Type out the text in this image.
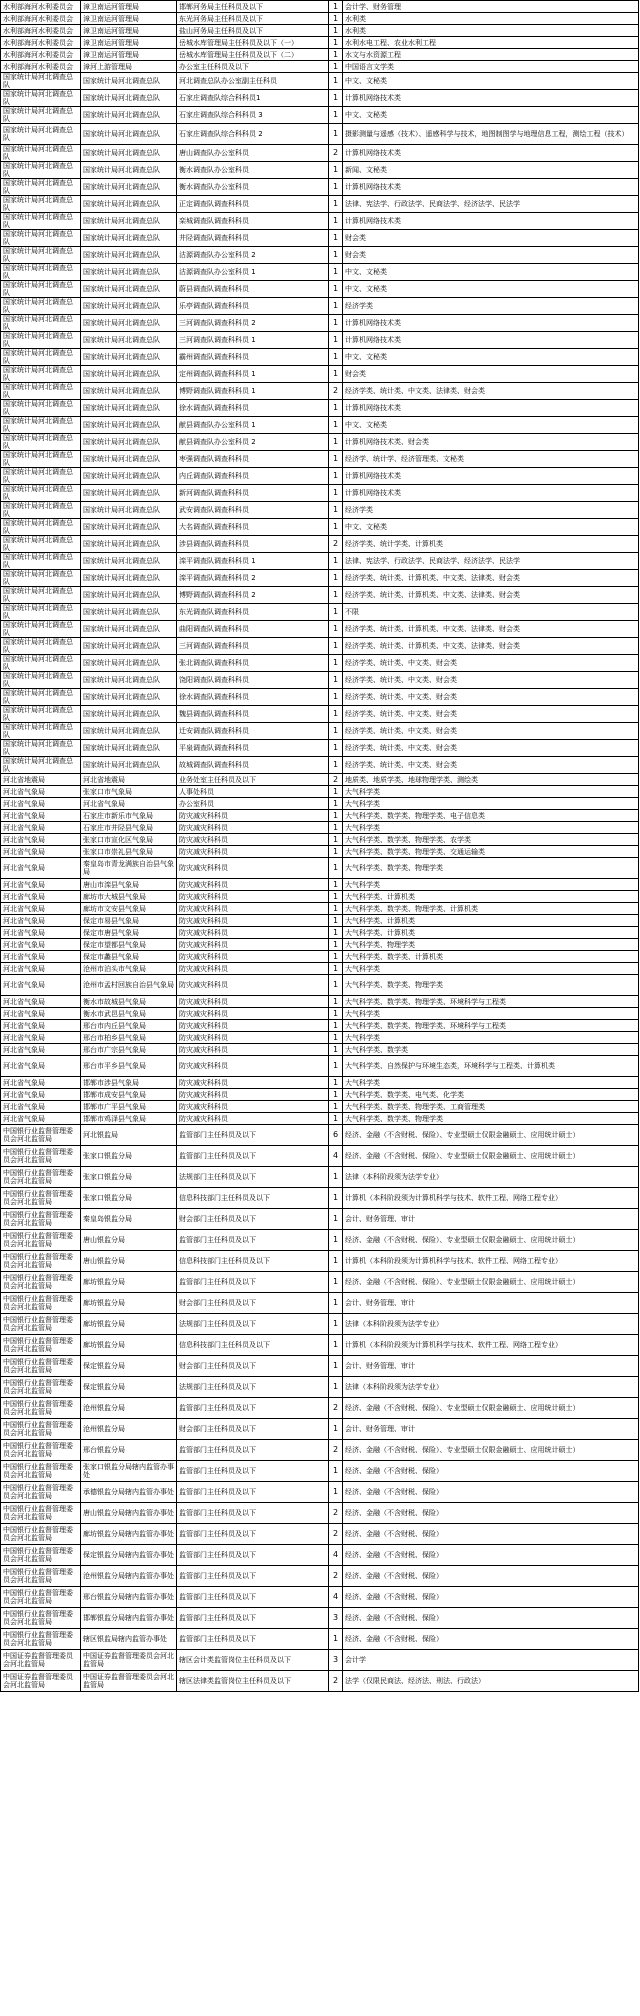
水利部海河水利委员会	漳卫南运河管理局	邯郸河务局主任科员及以下	1	会计学、财务管理
水利部海河水利委员会	漳卫南运河管理局	东光河务局主任科员及以下	1	水利类
水利部海河水利委员会	漳卫南运河管理局	盐山河务局主任科员及以下	1	水利类
水利部海河水利委员会	漳卫南运河管理局	岳城水库管理局主任科员及以下（一）	1	水利水电工程、农业水利工程
水利部海河水利委员会	漳卫南运河管理局	岳城水库管理局主任科员及以下（二）	1	水文与水资源工程
水利部海河水利委员会	漳河上游管理局	办公室主任科员及以下	1	中国语言文学类
国家统计局河北调查总队	国家统计局河北调查总队	河北调查总队办公室副主任科员	1	中文、文秘类
国家统计局河北调查总队	国家统计局河北调查总队	石家庄调查队综合科科员1	1	计算机网络技术类
国家统计局河北调查总队	国家统计局河北调查总队	石家庄调查队综合科科员 3	1	中文、文秘类
国家统计局河北调查总队	国家统计局河北调查总队	石家庄调查队综合科科员 2	1	摄影测量与遥感（技术）、遥感科学与技术，地图制图学与地理信息工程，测绘工程（技术）
国家统计局河北调查总队	国家统计局河北调查总队	唐山调查队办公室科员	2	计算机网络技术类
国家统计局河北调查总队	国家统计局河北调查总队	衡水调查队办公室科员	1	新闻、文秘类
国家统计局河北调查总队	国家统计局河北调查总队	衡水调查队办公室科员	1	计算机网络技术类
国家统计局河北调查总队	国家统计局河北调查总队	正定调查队调查科科员	1	法律、宪法学、行政法学、民商法学、经济法学、民法学
国家统计局河北调查总队	国家统计局河北调查总队	栾城调查队调查科科员	1	计算机网络技术类
国家统计局河北调查总队	国家统计局河北调查总队	井陉调查队调查科科员	1	财会类
国家统计局河北调查总队	国家统计局河北调查总队	沽源调查队办公室科员 2	1	财会类
国家统计局河北调查总队	国家统计局河北调查总队	沽源调查队办公室科员 1	1	中文、文秘类
国家统计局河北调查总队	国家统计局河北调查总队	蔚县调查队调查科科员	1	中文、文秘类
国家统计局河北调查总队	国家统计局河北调查总队	乐亭调查队调查科科员	1	经济学类
国家统计局河北调查总队	国家统计局河北调查总队	三河调查队调查科科员 2	1	计算机网络技术类
国家统计局河北调查总队	国家统计局河北调查总队	三河调查队调查科科员 1	1	计算机网络技术类
国家统计局河北调查总队	国家统计局河北调查总队	霸州调查队调查科科员	1	中文、文秘类
国家统计局河北调查总队	国家统计局河北调查总队	定州调查队调查科科员 1	1	财会类
国家统计局河北调查总队	国家统计局河北调查总队	博野调查队调查科科员 1	2	经济学类、统计类、中文类、法律类、财会类
国家统计局河北调查总队	国家统计局河北调查总队	徐水调查队调查科科员	1	计算机网络技术类
国家统计局河北调查总队	国家统计局河北调查总队	献县调查队办公室科员 1	1	中文、文秘类
国家统计局河北调查总队	国家统计局河北调查总队	献县调查队办公室科员 2	1	计算机网络技术类、财会类
国家统计局河北调查总队	国家统计局河北调查总队	枣强调查队调查科科员	1	经济学、统计学、经济管理类、文秘类
国家统计局河北调查总队	国家统计局河北调查总队	内丘调查队调查科科员	1	计算机网络技术类
国家统计局河北调查总队	国家统计局河北调查总队	新河调查队调查科科员	1	计算机网络技术类
国家统计局河北调查总队	国家统计局河北调查总队	武安调查队调查科科员	1	经济学类
国家统计局河北调查总队	国家统计局河北调查总队	大名调查队调查科科员	1	中文、文秘类
国家统计局河北调查总队	国家统计局河北调查总队	涉县调查队调查科科员	2	经济学类、统计学类、计算机类
国家统计局河北调查总队	国家统计局河北调查总队	滦平调查队调查科科员 1	1	法律、宪法学、行政法学、民商法学、经济法学、民法学
国家统计局河北调查总队	国家统计局河北调查总队	滦平调查队调查科科员 2	1	经济学类、统计类、计算机类、中文类、法律类、财会类
国家统计局河北调查总队	国家统计局河北调查总队	博野调查队调查科科员 2	1	经济学类、统计类、计算机类、中文类、法律类、财会类
国家统计局河北调查总队	国家统计局河北调查总队	东光调查队调查科科员	1	不限
国家统计局河北调查总队	国家统计局河北调查总队	曲阳调查队调查科科员	1	经济学类、统计类、计算机类、中文类、法律类、财会类
国家统计局河北调查总队	国家统计局河北调查总队	三河调查队调查科科员	1	经济学类、统计类、计算机类、中文类、法律类、财会类
国家统计局河北调查总队	国家统计局河北调查总队	张北调查队调查科科员	1	经济学类、统计类、中文类、财会类
国家统计局河北调查总队	国家统计局河北调查总队	饶阳调查队调查科科员	1	经济学类、统计类、中文类、财会类
国家统计局河北调查总队	国家统计局河北调查总队	徐水调查队调查科科员	1	经济学类、统计类、中文类、财会类
国家统计局河北调查总队	国家统计局河北调查总队	魏县调查队调查科科员	1	经济学类、统计类、中文类、财会类
国家统计局河北调查总队	国家统计局河北调查总队	迁安调查队调查科科员	1	经济学类、统计类、中文类、财会类
国家统计局河北调查总队	国家统计局河北调查总队	平泉调查队调查科科员	1	经济学类、统计类、中文类、财会类
国家统计局河北调查总队	国家统计局河北调查总队	故城调查队调查科科员	1	经济学类、统计类、中文类、财会类
河北省地震局	河北省地震局	业务处室主任科员及以下	2	地质类、地质学类、地球物理学类、测绘类
河北省气象局	张家口市气象局	人事处科员	1	大气科学类
河北省气象局	河北省气象局	办公室科员	1	大气科学类
河北省气象局	石家庄市新乐市气象局	防灾减灾科科员	1	大气科学类、数学类、物理学类、电子信息类
河北省气象局	石家庄市井陉县气象局	防灾减灾科科员	1	大气科学类
河北省气象局	张家口市宣化区气象局	防灾减灾科科员	1	大气科学类、数学类、物理学类、农学类
河北省气象局	张家口市崇礼县气象局	防灾减灾科科员	1	大气科学类、数学类、物理学类、交通运输类
河北省气象局	秦皇岛市青龙满族自治县气象局	防灾减灾科科员	1	大气科学类、数学类、物理学类
河北省气象局	唐山市滦县气象局	防灾减灾科科员	1	大气科学类
河北省气象局	廊坊市大城县气象局	防灾减灾科科员	1	大气科学类、计算机类
河北省气象局	廊坊市文安县气象局	防灾减灾科科员	1	大气科学类、数学类、物理学类、计算机类
河北省气象局	保定市易县气象局	防灾减灾科科员	1	大气科学类、计算机类
河北省气象局	保定市唐县气象局	防灾减灾科科员	1	大气科学类、计算机类
河北省气象局	保定市望都县气象局	防灾减灾科科员	1	大气科学类、物理学类
河北省气象局	保定市蠡县气象局	防灾减灾科科员	1	大气科学类、数学类、计算机类
河北省气象局	沧州市泊头市气象局	防灾减灾科科员	1	大气科学类
河北省气象局	沧州市孟村回族自治县气象局	防灾减灾科科员	1	大气科学类、数学类、物理学类
河北省气象局	衡水市故城县气象局	防灾减灾科科员	1	大气科学类、数学类、物理学类、环境科学与工程类
河北省气象局	衡水市武邑县气象局	防灾减灾科科员	1	大气科学类
河北省气象局	邢台市内丘县气象局	防灾减灾科科员	1	大气科学类、数学类、物理学类、环境科学与工程类
河北省气象局	邢台市柏乡县气象局	防灾减灾科科员	1	大气科学类
河北省气象局	邢台市广宗县气象局	防灾减灾科科员	1	大气科学类、数学类
河北省气象局	邢台市平乡县气象局	防灾减灾科科员	1	大气科学类、自然保护与环境生态类，环境科学与工程类、计算机类
河北省气象局	邯郸市涉县气象局	防灾减灾科科员	1	大气科学类
河北省气象局	邯郸市成安县气象局	防灾减灾科科员	1	大气科学类、数学类、电气类、化学类
河北省气象局	邯郸市广平县气象局	防灾减灾科科员	1	大气科学类、数学类、物理学类、工商管理类
河北省气象局	邯郸市鸡泽县气象局	防灾减灾科科员	1	大气科学类、数学类、物理学类
中国银行业监督管理委员会河北监管局	河北银监局	监管部门主任科员及以下	6	经济、金融（不含财税、保险）、专业型硕士仅限金融硕士、应用统计硕士）
中国银行业监督管理委员会河北监管局	张家口银监分局	监管部门主任科员及以下	4	经济、金融（不含财税、保险）、专业型硕士仅限金融硕士、应用统计硕士）
中国银行业监督管理委员会河北监管局	张家口银监分局	法规部门主任科员及以下	1	法律（本科阶段须为法学专业）
中国银行业监督管理委员会河北监管局	张家口银监分局	信息科技部门主任科员及以下	1	计算机（本科阶段须为计算机科学与技术、软件工程、网络工程专业）
中国银行业监督管理委员会河北监管局	秦皇岛银监分局	财会部门主任科员及以下	1	会计、财务管理、审计
中国银行业监督管理委员会河北监管局	唐山银监分局	监管部门主任科员及以下	1	经济、金融（不含财税、保险）、专业型硕士仅限金融硕士、应用统计硕士）
中国银行业监督管理委员会河北监管局	唐山银监分局	信息科技部门主任科员及以下	1	计算机（本科阶段须为计算机科学与技术、软件工程、网络工程专业）
中国银行业监督管理委员会河北监管局	廊坊银监分局	监管部门主任科员及以下	1	经济、金融（不含财税、保险）、专业型硕士仅限金融硕士、应用统计硕士）
中国银行业监督管理委员会河北监管局	廊坊银监分局	财会部门主任科员及以下	1	会计、财务管理、审计
中国银行业监督管理委员会河北监管局	廊坊银监分局	法规部门主任科员及以下	1	法律（本科阶段须为法学专业）
中国银行业监督管理委员会河北监管局	廊坊银监分局	信息科技部门主任科员及以下	1	计算机（本科阶段须为计算机科学与技术、软件工程、网络工程专业）
中国银行业监督管理委员会河北监管局	保定银监分局	财会部门主任科员及以下	1	会计、财务管理、审计
中国银行业监督管理委员会河北监管局	保定银监分局	法规部门主任科员及以下	1	法律（本科阶段须为法学专业）
中国银行业监督管理委员会河北监管局	沧州银监分局	监管部门主任科员及以下	2	经济、金融（不含财税、保险）、专业型硕士仅限金融硕士、应用统计硕士）
中国银行业监督管理委员会河北监管局	沧州银监分局	财会部门主任科员及以下	1	会计、财务管理、审计
中国银行业监督管理委员会河北监管局	邢台银监分局	监管部门主任科员及以下	2	经济、金融（不含财税、保险）、专业型硕士仅限金融硕士、应用统计硕士）
中国银行业监督管理委员会河北监管局	张家口银监分局辖内监管办事处	监管部门主任科员及以下	1	经济、金融（不含财税、保险）
中国银行业监督管理委员会河北监管局	承德银监分局辖内监管办事处	监管部门主任科员及以下	1	经济、金融（不含财税、保险）
中国银行业监督管理委员会河北监管局	唐山银监分局辖内监管办事处	监管部门主任科员及以下	2	经济、金融（不含财税、保险）
中国银行业监督管理委员会河北监管局	廊坊银监分局辖内监管办事处	监管部门主任科员及以下	2	经济、金融（不含财税、保险）
中国银行业监督管理委员会河北监管局	保定银监分局辖内监管办事处	监管部门主任科员及以下	4	经济、金融（不含财税、保险）
中国银行业监督管理委员会河北监管局	沧州银监分局辖内监管办事处	监管部门主任科员及以下	2	经济、金融（不含财税、保险）
中国银行业监督管理委员会河北监管局	邢台银监分局辖内监管办事处	监管部门主任科员及以下	4	经济、金融（不含财税、保险）
中国银行业监督管理委员会河北监管局	邯郸银监分局辖内监管办事处	监管部门主任科员及以下	3	经济、金融（不含财税、保险）
中国银行业监督管理委员会河北监管局	辖区银监局辖内监管办事处	监管部门主任科员及以下	1	经济、金融（不含财税、保险）
中国证券监督管理委员会河北监管局	中国证券监督管理委员会河北监管局	辖区会计类监管岗位主任科员及以下	3	会计学
中国证券监督管理委员会河北监管局	中国证券监督管理委员会河北监管局	辖区法律类监管岗位主任科员及以下	2	法学（仅限民商法、经济法、刑法、行政法）
